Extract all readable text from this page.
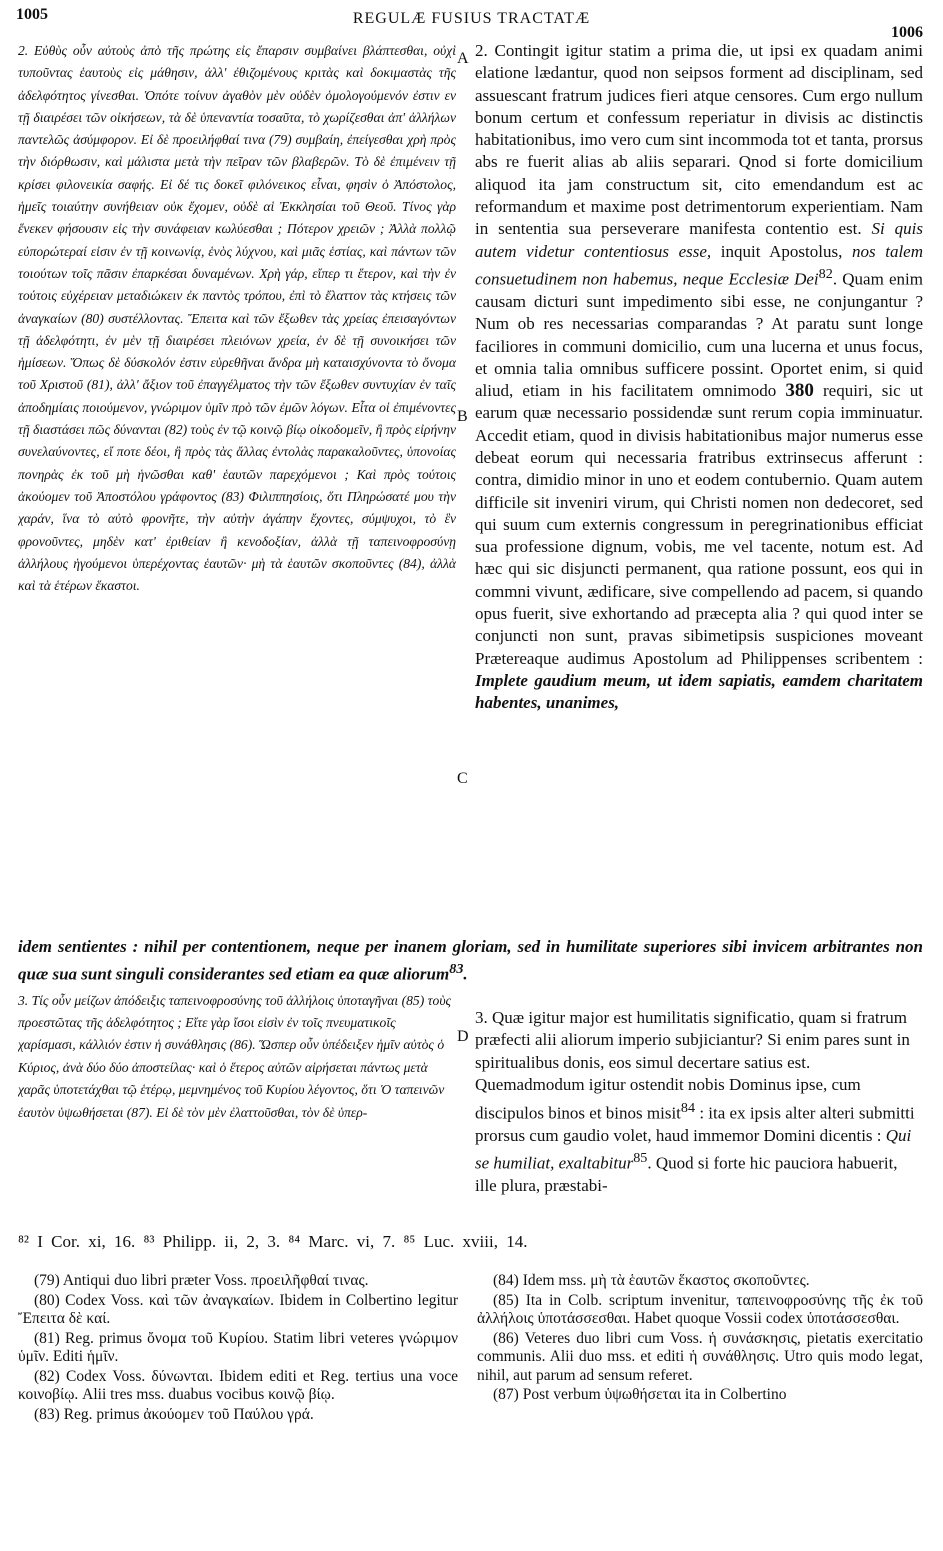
1005	REGULÆ FUSIUS TRACTATÆ
1006

2. Εὐθὺς οὖν αὐτοὺς ἀπὸ τῆς πρώτης εἰς ἔπαρσιν συμβαίνει βλάπτεσθαι, οὐχὶ τυποῦντας ἑαυτοὺς εἰς μάθησιν, ἀλλ' ἐθιζομένους κριτὰς καὶ δοκιμαστὰς τῆς ἀδελφότητος γίνεσθαι. Ὁπότε τοίνυν ἀγαθὸν μὲν οὐδὲν ὁμολογούμενόν ἐστιν εν τῇ διαιρέσει τῶν οἰκήσεων, τὰ δὲ ὑπεναντία τοσαῦτα, τὸ χωρίζεσθαι ἀπ' ἀλλήλων παντελῶς ἀσύμφορον. Εἰ δὲ προειλήφθαί τινα (79) συμβαίη, ἐπείγεσθαι χρὴ πρὸς τὴν διόρθωσιν, καὶ μάλιστα μετὰ τὴν πεῖραν τῶν βλαβερῶν. Τὸ δὲ ἐπιμένειν τῇ κρίσει φιλονεικία σαφής. Εἰ δέ τις δοκεῖ φιλόνεικος εἶναι, φησὶν ὁ Ἀπόστολος, ἡμεῖς τοιαύτην συνήθειαν οὐκ ἔχομεν, οὐδὲ αἱ Ἐκκλησίαι τοῦ Θεοῦ. Τίνος γὰρ ἕνεκεν φήσουσιν εἰς τὴν συνάφειαν κωλύεσθαι ; Πότερον χρειῶν ; Ἀλλὰ πολλῷ εὐπορώτεραί εἰσιν ἐν τῇ κοινωνίᾳ, ἑνὸς λύχνου, καὶ μιᾶς ἑστίας, καὶ πάντων τῶν τοιούτων τοῖς πᾶσιν ἐπαρκέσαι δυναμένων. Χρὴ γάρ, εἴπερ τι ἕτερον, καὶ τὴν ἐν τούτοις εὐχέρειαν μεταδιώκειν ἐκ παντὸς τρόπου, ἐπὶ τὸ ἔλαττον τὰς κτήσεις τῶν ἀναγκαίων (80) συστέλλοντας. Ἔπειτα καὶ τῶν ἔξωθεν τὰς χρείας ἐπεισαγόντων τῇ ἀδελφότητι, ἐν μὲν τῇ διαιρέσει πλειόνων χρεία, ἐν δὲ τῇ συνοικήσει τῶν ἡμίσεων. Ὅπως δὲ δύσκολόν ἐστιν εὑρεθῆναι ἄνδρα μὴ καταισχύνοντα τὸ ὄνομα τοῦ Χριστοῦ (81), ἀλλ' ἄξιον τοῦ ἐπαγγέλματος τὴν τῶν ἔξωθεν συντυχίαν ἐν ταῖς ἀποδημίαις ποιούμενον, γνώριμον ὑμῖν πρὸ τῶν ἐμῶν λόγων. Εἶτα οἱ ἐπιμένοντες τῇ διαστάσει πῶς δύνανται (82) τοὺς ἐν τῷ κοινῷ βίῳ οἰκοδομεῖν, ἢ πρὸς εἰρήνην συνελαύνοντες, εἴ ποτε δέοι, ἢ πρὸς τὰς ἄλλας ἐντολὰς παρακαλοῦντες, ὑπονοίας πονηρὰς ἐκ τοῦ μὴ ἡνῶσθαι καθ' ἑαυτῶν παρεχόμενοι ; Καὶ πρὸς τούτοις ἀκούομεν τοῦ Ἀποστόλου γράφοντος (83) Φιλιππησίοις, ὅτι Πληρώσατέ μου τὴν χαράν, ἵνα τὸ αὐτὸ φρονῆτε, τὴν αὐτὴν ἀγάπην ἔχοντες, σύμψυχοι, τὸ ἓν φρονοῦντες, μηδὲν κατ' ἐριθείαν ἢ κενοδοξίαν, ἀλλὰ τῇ ταπεινοφροσύνῃ ἀλλήλους ἡγούμενοι ὑπερέχοντας ἑαυτῶν· μὴ τὰ ἑαυτῶν σκοποῦντες (84), ἀλλὰ καὶ τὰ ἑτέρων ἕκαστοι.

A
B
C
D

2. Contingit igitur statim a prima die, ut ipsi ex quadam animi elatione lædantur, quod non seipsos forment ad disciplinam, sed assuescant fratrum judices fieri atque censores. Cum ergo nullum bonum certum et confessum reperiatur in divisis ac distinctis habitationibus, imo vero cum sint incommoda tot et tanta, prorsus abs re fuerit alias ab aliis separari. Qnod si forte domicilium aliquod ita jam constructum sit, cito emendandum est ac reformandum et maxime post detrimentorum experientiam. Nam in sententia sua perseverare manifesta contentio est. Si quis autem videtur contentiosus esse, inquit Apostolus, nos talem consuetudinem non habemus, neque Ecclesiæ Dei$^{82}$. Quam enim causam dicturi sunt impedimento sibi esse, ne conjungantur ? Num ob res necessarias comparandas ? At paratu sunt longe faciliores in communi domicilio, cum una lucerna et unus focus, et omnia talia omnibus sufficere possint. Oportet enim, si quid aliud, etiam in his facilitatem omnimodo 380 requiri, sic ut earum quæ necessario possidendæ sunt rerum copia imminuatur. Accedit etiam, quod in divisis habitationibus major numerus esse debeat eorum qui necessaria fratribus extrinsecus afferunt : contra, dimidio minor in uno et eodem contubernio. Quam autem difficile sit inveniri virum, qui Christi nomen non dedecoret, sed qui suum cum externis congressum in peregrinationibus efficiat sua professione dignum, vobis, me vel tacente, notum est. Ad hæc qui sic disjuncti permanent, qua ratione possunt, eos qui in commni vivunt, ædificare, sive compellendo ad pacem, si quando opus fuerit, sive exhortando ad præcepta alia ? qui quod inter se conjuncti non sunt, pravas sibimetipsis suspiciones moveant Prætereaque audimus Apostolum ad Philippenses scribentem : Implete gaudium meum, ut idem sapiatis, eamdem charitatem habentes, unanimes,

idem sentientes : nihil per contentionem, neque per inanem gloriam, sed in humilitate superiores sibi invicem arbitrantes non quæ sua sunt singuli considerantes sed etiam ea quæ aliorum$^{83}$.

3. Τίς οὖν μείζων ἀπόδειξις ταπεινοφροσύνης τοῦ ἀλλήλοις ὑποταγῆναι (85) τοὺς προεστῶτας τῆς ἀδελφότητος ; Εἴτε γὰρ ἴσοι εἰσὶν ἐν τοῖς πνευματικοῖς χαρίσμασι, κάλλιόν ἐστιν ἡ συνάθλησις (86). Ὥσπερ οὖν ὑπέδειξεν ἡμῖν αὐτὸς ὁ Κύριος, ἀνὰ δύο δύο ἀποστείλας· καὶ ὁ ἕτερος αὐτῶν αἱρήσεται πάντως μετὰ χαρᾶς ὑποτετάχθαι τῷ ἑτέρῳ, μεμνημένος τοῦ Κυρίου λέγοντος, ὅτι Ὁ ταπεινῶν ἑαυτὸν ὑψωθήσεται (87). Εἰ δὲ τὸν μὲν ἐλαττοῦσθαι, τὸν δὲ ὑπερ-

3. Quæ igitur major est humilitatis significatio, quam si fratrum præfecti alii aliorum imperio subjiciantur? Si enim pares sunt in spiritualibus donis, eos simul decertare satius est. Quemadmodum igitur ostendit nobis Dominus ipse, cum discipulos binos et binos misit$^{84}$ : ita ex ipsis alter alteri submitti prorsus cum gaudio volet, haud immemor Domini dicentis : Qui se humiliat, exaltabitur$^{85}$. Quod si forte hic pauciora habuerit, ille plura, præstabi-

⁸² I Cor. xi, 16. ⁸³ Philipp. ii, 2, 3. ⁸⁴ Marc. vi, 7. ⁸⁵ Luc. xviii, 14.

(79) Antiqui duo libri præter Voss. προειλῆφθαί τινας.

(80) Codex Voss. καὶ τῶν ἀναγκαίων. Ibidem in Colbertino legitur Ἔπειτα δὲ καί.

(81) Reg. primus ὄνομα τοῦ Κυρίου. Statim libri veteres γνώριμον ὑμῖν. Editi ἡμῖν.

(82) Codex Voss. δύνωνται. Ibidem editi et Reg. tertius una voce κοινοβίῳ. Alii tres mss. duabus vocibus κοινῷ βίῳ.

(83) Reg. primus ἀκούομεν τοῦ Παύλου γρά.

(84) Idem mss. μὴ τὰ ἑαυτῶν ἕκαστος σκοποῦντες.

(85) Ita in Colb. scriptum invenitur, ταπεινοφροσύνης τῆς ἐκ τοῦ ἀλλήλοις ὑποτάσσεσθαι. Habet quoque Vossii codex ὑποτάσσεσθαι.

(86) Veteres duo libri cum Voss. ἡ συνάσκησις, pietatis exercitatio communis. Alii duo mss. et editi ἡ συνάθλησις. Utro quis modo legat, nihil, aut parum ad sensum referet.

(87) Post verbum ὑψωθήσεται ita in Colbertino
